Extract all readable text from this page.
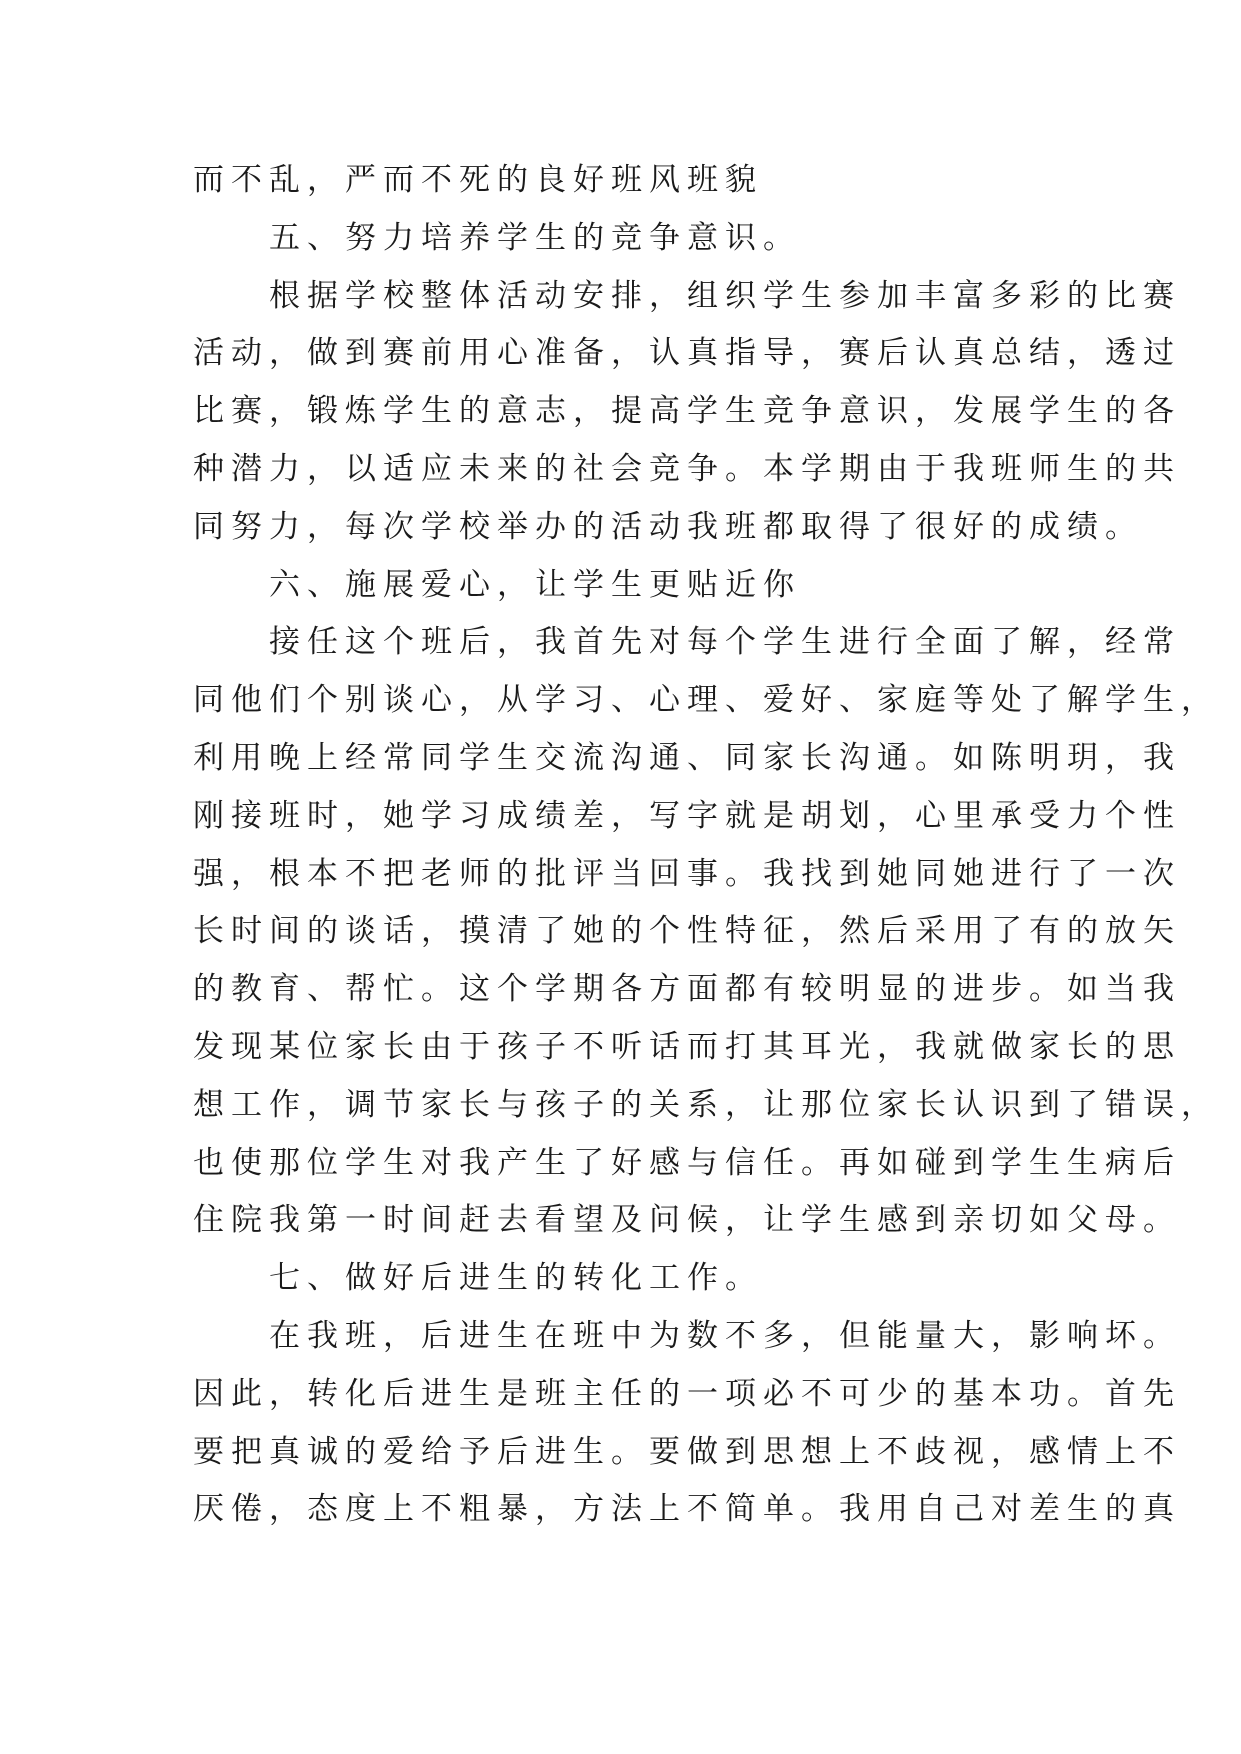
而不乱，严而不死的良好班风班貌
　　五、努力培养学生的竞争意识。
　　根据学校整体活动安排，组织学生参加丰富多彩的比赛
活动，做到赛前用心准备，认真指导，赛后认真总结，透过
比赛，锻炼学生的意志，提高学生竞争意识，发展学生的各
种潜力，以适应未来的社会竞争。本学期由于我班师生的共
同努力，每次学校举办的活动我班都取得了很好的成绩。
　　六、施展爱心，让学生更贴近你
　　接任这个班后，我首先对每个学生进行全面了解，经常
同他们个别谈心，从学习、心理、爱好、家庭等处了解学生，
利用晚上经常同学生交流沟通、同家长沟通。如陈明玥，我
刚接班时，她学习成绩差，写字就是胡划，心里承受力个性
强，根本不把老师的批评当回事。我找到她同她进行了一次
长时间的谈话，摸清了她的个性特征，然后采用了有的放矢
的教育、帮忙。这个学期各方面都有较明显的进步。如当我
发现某位家长由于孩子不听话而打其耳光，我就做家长的思
想工作，调节家长与孩子的关系，让那位家长认识到了错误，
也使那位学生对我产生了好感与信任。再如碰到学生生病后
住院我第一时间赶去看望及问候，让学生感到亲切如父母。
　　七、做好后进生的转化工作。
　　在我班，后进生在班中为数不多，但能量大，影响坏。
因此，转化后进生是班主任的一项必不可少的基本功。首先
要把真诚的爱给予后进生。要做到思想上不歧视，感情上不
厌倦，态度上不粗暴，方法上不简单。我用自己对差生的真
